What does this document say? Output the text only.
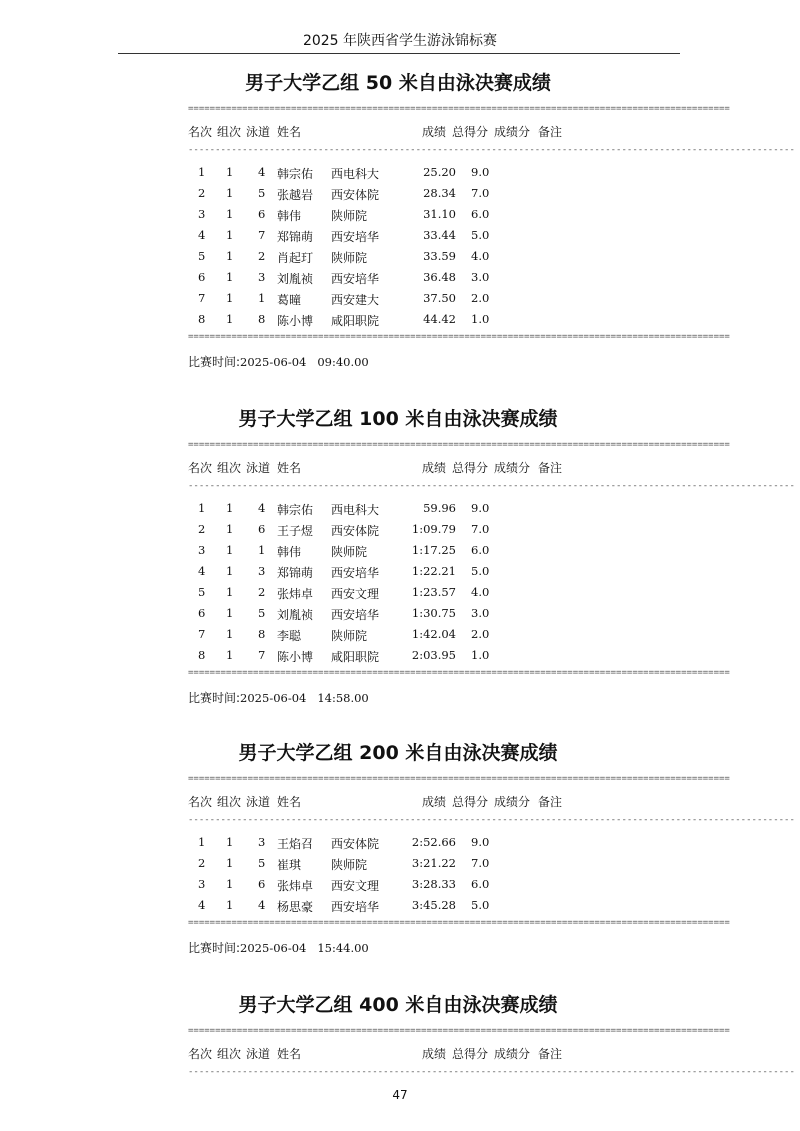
2025 年陕西省学生游泳锦标赛
男子大学乙组 50 米自由泳决赛成绩
====================================================================================================
名次 组次 泳道 姓名	成绩 总得分 成绩分 备注
----------------------------------------------------------------------------------------------------------------
1 1 4 韩宗佑 西电科大	25.20 9.0
2 1 5 张越岩 西安体院	28.34 7.0
3 1 6 韩伟 陕师院	31.10 6.0
4 1 7 郑锦萌 西安培华	33.44 5.0
5 1 2 肖起玎 陕师院	33.59 4.0
6 1 3 刘胤祯 西安培华	36.48 3.0
7 1 1 葛曈 西安建大	37.50 2.0
8 1 8 陈小博 咸阳职院	44.42 1.0
====================================================================================================
比赛时间:2025-06-04   09:40.00
男子大学乙组 100 米自由泳决赛成绩
====================================================================================================
名次 组次 泳道 姓名	成绩 总得分 成绩分 备注
----------------------------------------------------------------------------------------------------------------
1 1 4 韩宗佑 西电科大	59.96 9.0
2 1 6 王子煜 西安体院	1:09.79 7.0
3 1 1 韩伟 陕师院	1:17.25 6.0
4 1 3 郑锦萌 西安培华	1:22.21 5.0
5 1 2 张炜卓 西安文理	1:23.57 4.0
6 1 5 刘胤祯 西安培华	1:30.75 3.0
7 1 8 李聪 陕师院	1:42.04 2.0
8 1 7 陈小博 咸阳职院	2:03.95 1.0
====================================================================================================
比赛时间:2025-06-04   14:58.00
男子大学乙组 200 米自由泳决赛成绩
====================================================================================================
名次 组次 泳道 姓名	成绩 总得分 成绩分 备注
----------------------------------------------------------------------------------------------------------------
1 1 3 王焰召 西安体院	2:52.66 9.0
2 1 5 崔琪 陕师院	3:21.22 7.0
3 1 6 张炜卓 西安文理	3:28.33 6.0
4 1 4 杨思豪 西安培华	3:45.28 5.0
====================================================================================================
比赛时间:2025-06-04   15:44.00
男子大学乙组 400 米自由泳决赛成绩
====================================================================================================
名次 组次 泳道 姓名	成绩 总得分 成绩分 备注
----------------------------------------------------------------------------------------------------------------
47
